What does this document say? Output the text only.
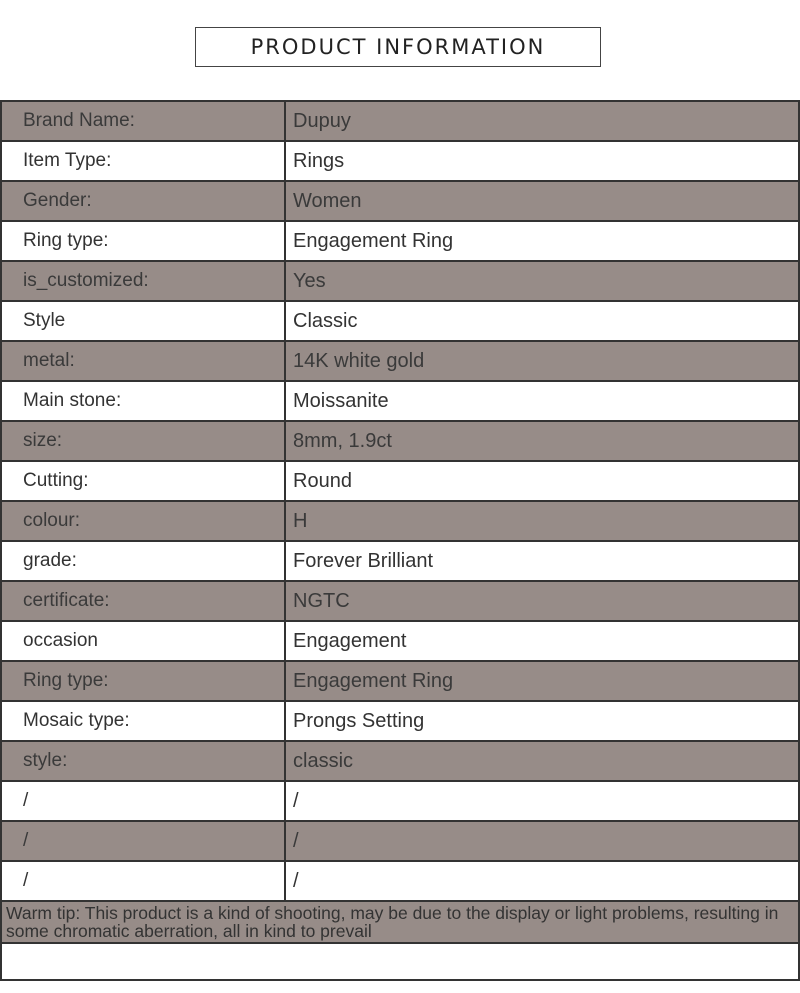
PRODUCT INFORMATION
Brand Name:	Dupuy
Item Type:	Rings
Gender:	Women
Ring type:	Engagement Ring
is_customized:	Yes
Style	Classic
metal:	14K white gold
Main stone:	Moissanite
size:	8mm, 1.9ct
Cutting:	Round
colour:	H
grade:	Forever Brilliant
certificate:	NGTC
occasion	Engagement
Ring type:	Engagement Ring
Mosaic type:	Prongs Setting
style:	classic
/	/
/	/
/	/
Warm tip: This product is a kind of shooting, may be due to the display or light problems, resulting in some chromatic aberration, all in kind to prevail
